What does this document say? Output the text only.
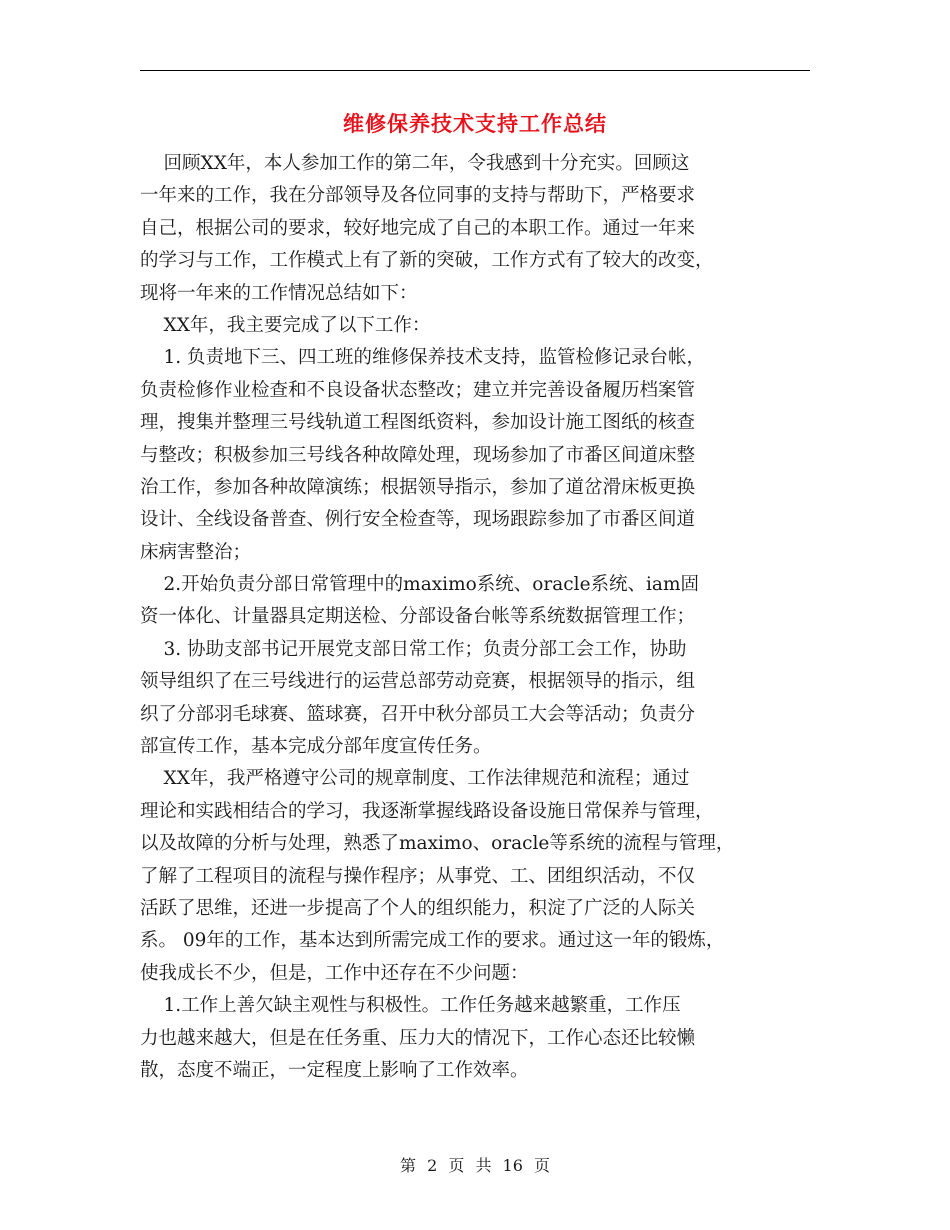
维修保养技术支持工作总结
回顾XX年，本人参加工作的第二年，令我感到十分充实。回顾这
一年来的工作，我在分部领导及各位同事的支持与帮助下，严格要求
自己，根据公司的要求，较好地完成了自己的本职工作。通过一年来
的学习与工作，工作模式上有了新的突破，工作方式有了较大的改变，
现将一年来的工作情况总结如下：
XX年，我主要完成了以下工作：
1. 负责地下三、四工班的维修保养技术支持，监管检修记录台帐，
负责检修作业检查和不良设备状态整改；建立并完善设备履历档案管
理，搜集并整理三号线轨道工程图纸资料，参加设计施工图纸的核查
与整改；积极参加三号线各种故障处理，现场参加了市番区间道床整
治工作，参加各种故障演练；根据领导指示，参加了道岔滑床板更换
设计、全线设备普查、例行安全检查等，现场跟踪参加了市番区间道
床病害整治；
2.开始负责分部日常管理中的maximo系统、oracle系统、iam固
资一体化、计量器具定期送检、分部设备台帐等系统数据管理工作；
3. 协助支部书记开展党支部日常工作；负责分部工会工作，协助
领导组织了在三号线进行的运营总部劳动竞赛，根据领导的指示，组
织了分部羽毛球赛、篮球赛，召开中秋分部员工大会等活动；负责分
部宣传工作，基本完成分部年度宣传任务。
XX年，我严格遵守公司的规章制度、工作法律规范和流程；通过
理论和实践相结合的学习，我逐渐掌握线路设备设施日常保养与管理，
以及故障的分析与处理，熟悉了maximo、oracle等系统的流程与管理，
了解了工程项目的流程与操作程序；从事党、工、团组织活动，不仅
活跃了思维，还进一步提高了个人的组织能力，积淀了广泛的人际关
系。 09年的工作，基本达到所需完成工作的要求。通过这一年的锻炼，
使我成长不少，但是，工作中还存在不少问题：
1.工作上善欠缺主观性与积极性。工作任务越来越繁重，工作压
力也越来越大，但是在任务重、压力大的情况下，工作心态还比较懒
散，态度不端正，一定程度上影响了工作效率。
第 2 页 共 16 页
